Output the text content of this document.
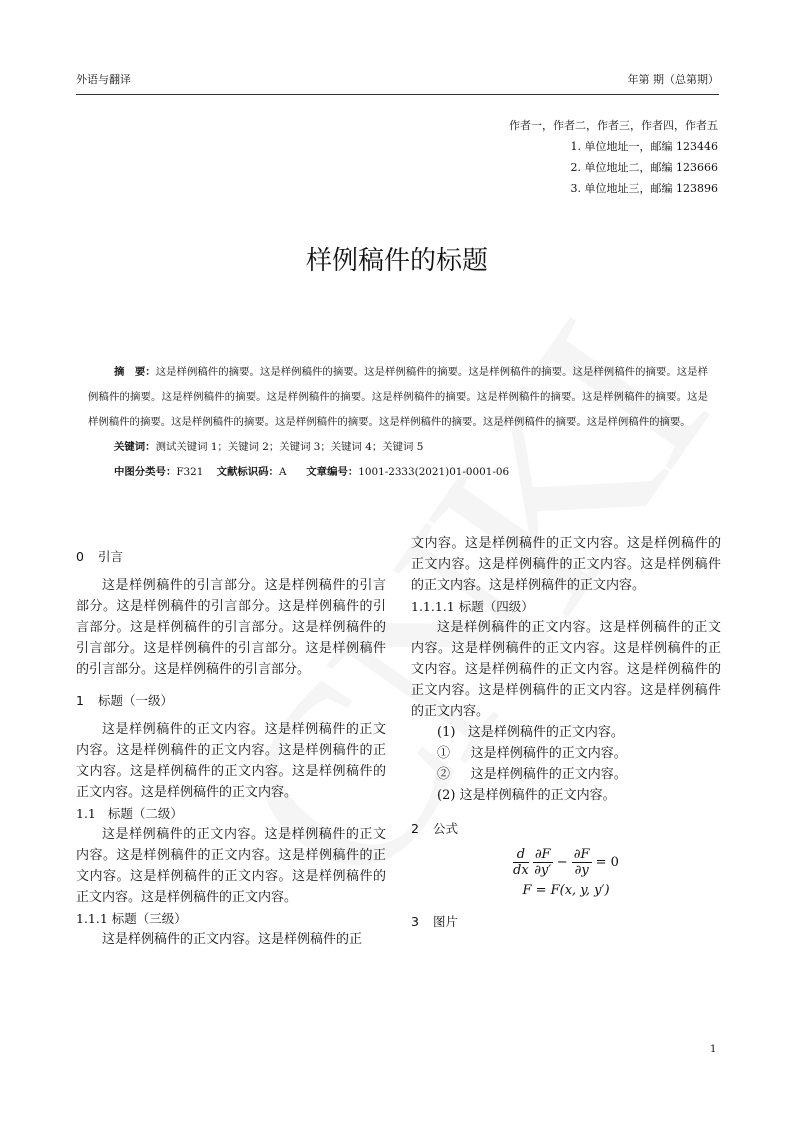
外语与翻译	年第 期（总第期）
作者一，作者二，作者三，作者四，作者五
1. 单位地址一，邮编 123446
2. 单位地址二，邮编 123666
3. 单位地址三，邮编 123896
样例稿件的标题
摘　要：这是样例稿件的摘要。这是样例稿件的摘要。这是样例稿件的摘要。这是样例稿件的摘要。这是样例稿件的摘要。这是样例稿件的摘要。这是样例稿件的摘要。这是样例稿件的摘要。这是样例稿件的摘要。这是样例稿件的摘要。这是样例稿件的摘要。这是样例稿件的摘要。这是样例稿件的摘要。这是样例稿件的摘要。这是样例稿件的摘要。这是样例稿件的摘要。这是样例稿件的摘要。
关键词：测试关键词 1；关键词 2；关键词 3；关键词 4；关键词 5
中图分类号：F321 文献标识码：A 文章编号：1001-2333(2021)01-0001-06
0 引言

这是样例稿件的引言部分。这是样例稿件的引言部分。这是样例稿件的引言部分。这是样例稿件的引言部分。这是样例稿件的引言部分。这是样例稿件的引言部分。这是样例稿件的引言部分。这是样例稿件的引言部分。这是样例稿件的引言部分。

1 标题（一级）

这是样例稿件的正文内容。这是样例稿件的正文内容。这是样例稿件的正文内容。这是样例稿件的正文内容。这是样例稿件的正文内容。这是样例稿件的正文内容。这是样例稿件的正文内容。

1.1 标题（二级）

这是样例稿件的正文内容。这是样例稿件的正文内容。这是样例稿件的正文内容。这是样例稿件的正文内容。这是样例稿件的正文内容。这是样例稿件的正文内容。这是样例稿件的正文内容。

1.1.1 标题（三级）

这是样例稿件的正文内容。这是样例稿件的正

文内容。这是样例稿件的正文内容。这是样例稿件的正文内容。这是样例稿件的正文内容。这是样例稿件的正文内容。这是样例稿件的正文内容。

1.1.1.1 标题（四级）

这是样例稿件的正文内容。这是样例稿件的正文内容。这是样例稿件的正文内容。这是样例稿件的正文内容。这是样例稿件的正文内容。这是样例稿件的正文内容。这是样例稿件的正文内容。这是样例稿件的正文内容。

(1) 这是样例稿件的正文内容。
① 这是样例稿件的正文内容。
② 这是样例稿件的正文内容。
(2) 这是样例稿件的正文内容。
2 公式
$\frac{d}{dx}$
$\frac{\partial F}{\partial y'} - \frac{\partial F}{\partial y} = 0$
F = F(x, y, y′)
3 图片
1
